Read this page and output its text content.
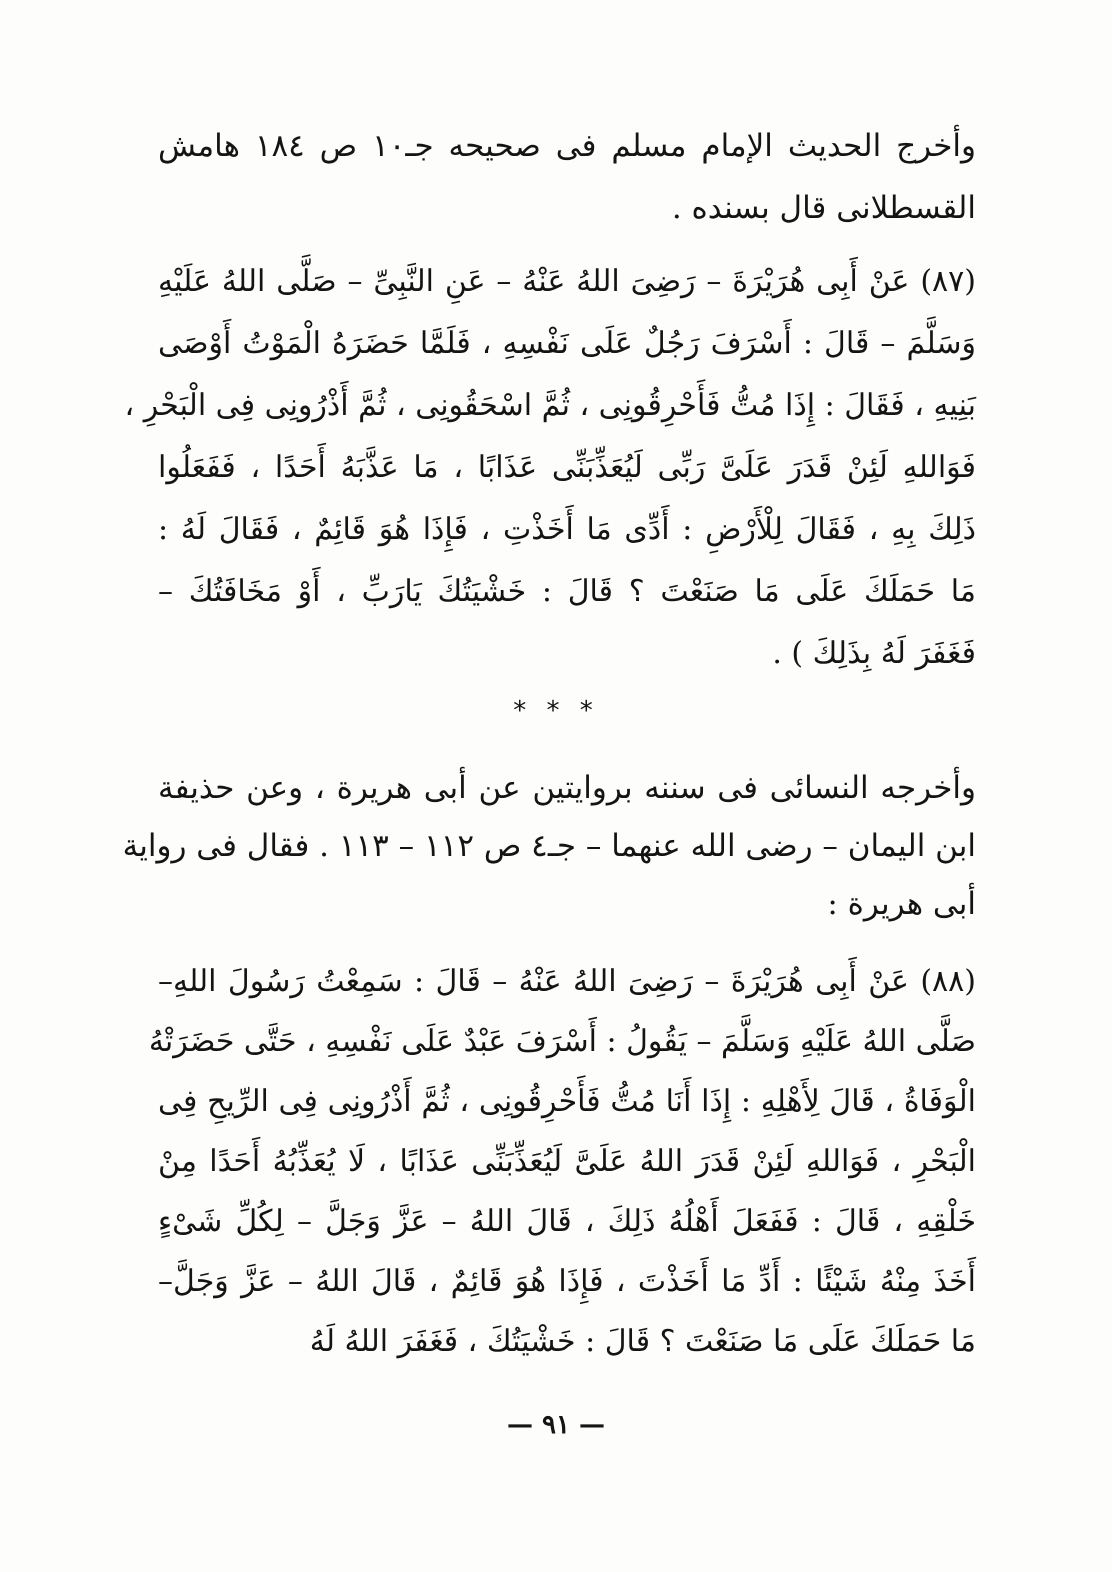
وأخرج الحديث الإمام مسلم فى صحيحه جـ١٠ ص ١٨٤ هامش
القسطلانى قال بسنده .
(٨٧) عَنْ أَبِى هُرَيْرَةَ – رَضِىَ اللهُ عَنْهُ – عَنِ النَّبِىِّ – صَلَّى اللهُ عَلَيْهِ
وَسَلَّمَ – قَالَ : أَسْرَفَ رَجُلٌ عَلَى نَفْسِهِ ، فَلَمَّا حَضَرَهُ الْمَوْتُ أَوْصَى
بَنِيهِ ، فَقَالَ : إِذَا مُتُّ فَأَحْرِقُونِى ، ثُمَّ اسْحَقُونِى ، ثُمَّ أَذْرُونِى فِى الْبَحْرِ ،
فَوَاللهِ لَئِنْ قَدَرَ عَلَىَّ رَبِّى لَيُعَذِّبَنِّى عَذَابًا ، مَا عَذَّبَهُ أَحَدًا ، فَفَعَلُوا
ذَلِكَ بِهِ ، فَقَالَ لِلْأَرْضِ : أَدِّى مَا أَخَذْتِ ، فَإِذَا هُوَ قَائِمٌ ، فَقَالَ لَهُ :
مَا حَمَلَكَ عَلَى مَا صَنَعْتَ ؟ قَالَ : خَشْيَتُكَ يَارَبِّ ، أَوْ مَخَافَتُكَ –
فَغَفَرَ لَهُ بِذَلِكَ ) .
* * *
وأخرجه النسائى فى سننه بروايتين عن أبى هريرة ، وعن حذيفة
ابن اليمان – رضى الله عنهما – جـ٤ ص ١١٢ – ١١٣ . فقال فى رواية
أبى هريرة :
(٨٨) عَنْ أَبِى هُرَيْرَةَ – رَضِىَ اللهُ عَنْهُ – قَالَ : سَمِعْتُ رَسُولَ اللهِ–
صَلَّى اللهُ عَلَيْهِ وَسَلَّمَ – يَقُولُ : أَسْرَفَ عَبْدٌ عَلَى نَفْسِهِ ، حَتَّى حَضَرَتْهُ
الْوَفَاةُ ، قَالَ لِأَهْلِهِ : إِذَا أَنَا مُتُّ فَأَحْرِقُونِى ، ثُمَّ أَذْرُونِى فِى الرِّيحِ فِى
الْبَحْرِ ، فَوَاللهِ لَئِنْ قَدَرَ اللهُ عَلَىَّ لَيُعَذِّبَنِّى عَذَابًا ، لَا يُعَذِّبُهُ أَحَدًا مِنْ
خَلْقِهِ ، قَالَ : فَفَعَلَ أَهْلُهُ ذَلِكَ ، قَالَ اللهُ – عَزَّ وَجَلَّ – لِكُلِّ شَىْءٍ
أَخَذَ مِنْهُ شَيْئًا : أَدِّ مَا أَخَذْتَ ، فَإِذَا هُوَ قَائِمٌ ، قَالَ اللهُ – عَزَّ وَجَلَّ–
مَا حَمَلَكَ عَلَى مَا صَنَعْتَ ؟ قَالَ : خَشْيَتُكَ ، فَغَفَرَ اللهُ لَهُ
— ٩١ —
